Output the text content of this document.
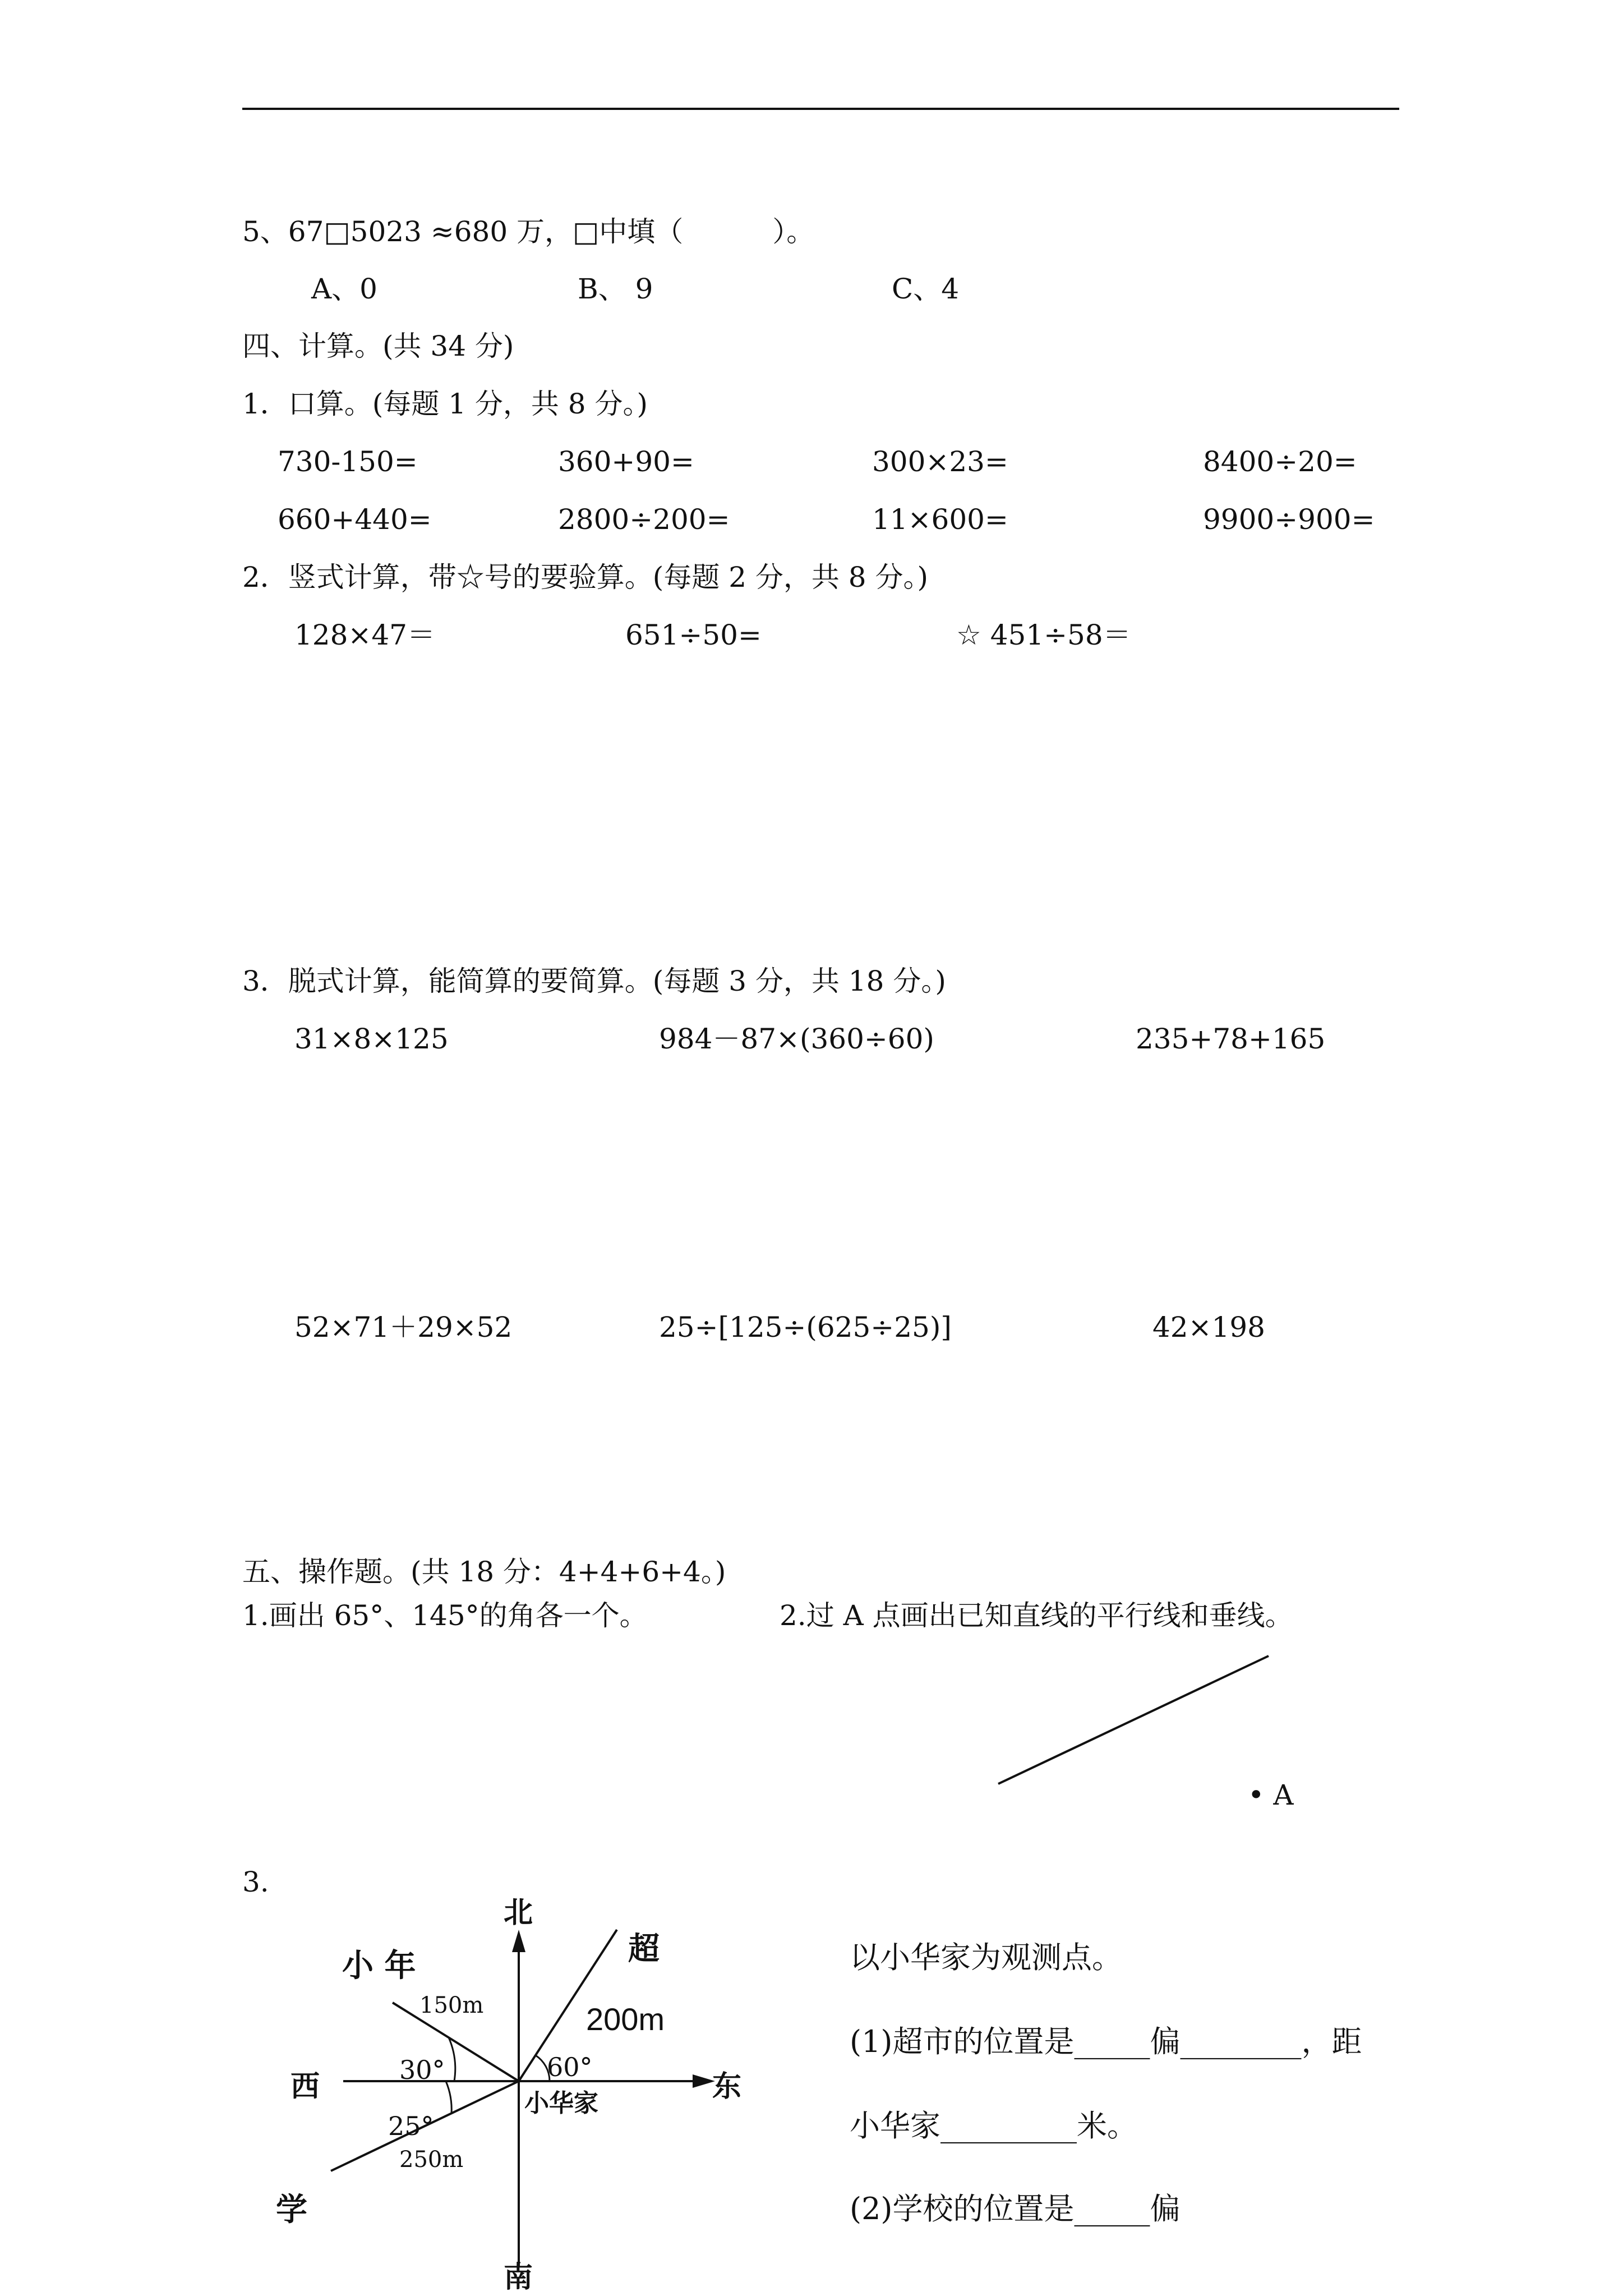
5、67□5023 ≈680 万，□中填（          ）。
A、0	B、 9	C、4
四、计算。(共 34 分)
1．口算。(每题 1 分，共 8 分。)
730-150=	360+90=	300×23=	8400÷20=
660+440=	2800÷200=	11×600=	9900÷900=
2．竖式计算，带☆号的要验算。(每题 2 分，共 8 分。)
128×47＝	651÷50=	☆ 451÷58＝
3．脱式计算，能简算的要简算。(每题 3 分，共 18 分。)
31×8×125	984－87×(360÷60)	235+78+165
52×71＋29×52	25÷[125÷(625÷25)]	42×198
五、操作题。(共 18 分：4+4+6+4。)
1.画出 65°、145°的角各一个。	2.过 A 点画出已知直线的平行线和垂线。
• A
3.
北
南
西	东
小华家
小 年	超
学
150m	200m
250m
30°	60°
25°
以小华家为观测点。
(1)超市的位置是_____偏________，距
小华家_________米。
(2)学校的位置是_____偏
